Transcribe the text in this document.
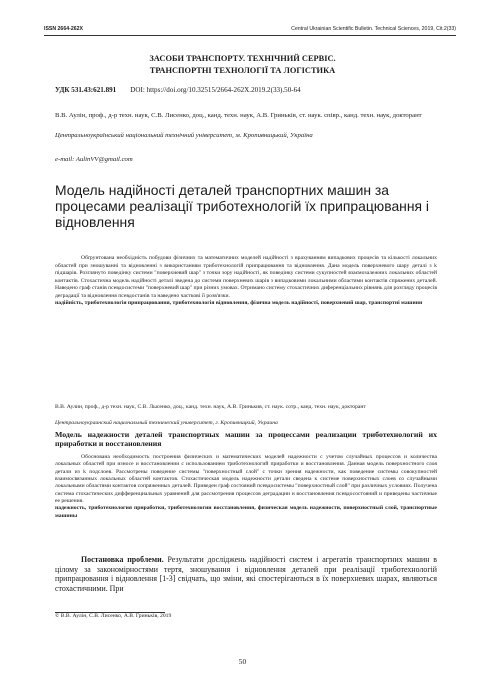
ISSN 2664-262X	Central Ukrainian Scientific Bulletin. Technical Sciences, 2019, Cit.2(33)
ЗАСОБИ ТРАНСПОРТУ. ТЕХНІЧНИЙ СЕРВІС.
ТРАНСПОРТНІ ТЕХНОЛОГІЇ ТА ЛОГІСТИКА
УДК 531.43:621.891 DOI: https://doi.org/10.32515/2664-262X.2019.2(33).50-64
В.В. Аулін, проф., д-р техн. наук, С.В. Лисенко, доц., канд. техн. наук, А.В. Гриньків, ст. наук. співр., канд. техн. наук, докторант
Центральноукраїнський національний технічний університет, м. Кропивницький, Україна
e-mail: AulinVV@gmail.com
Модель надійності деталей транспортних машин за процесами реалізації триботехнологій їх припрацювання і відновлення

Обґрунтована необхідність побудови фізичних та математичних моделей надійності з врахуванням випадкових процесів та кількості локальних областей при зношуванні та відновленні з використанням триботехнологій припрацювання та відновлення. Дана модель поверхневого шару деталі з k підшарів. Розглянуто поведінку системи "поверхневий шар" з точки зору надійності, як поведінку системи сукупностей взаємозалежних локальних областей контактів. Стохастична модель надійності деталі зведена до системи поверхневих шарів з випадковими локальними областями контактів спряжених деталей. Наведено граф станів псевдосистеми "поверхневий шар" при різних умовах. Отримано систему стохастичних диференціальних рівнянь для розгляду процесів деградації та відновлення псевдостанів та наведено часткові її розв'язки.

надійність, триботехнологія припрацювання, триботехнологія відновлення, фізична модель надійності, поверхневий шар, транспортні машини

В.В. Аулин, проф., д-р техн. наук, С.В. Лысенко, доц., канд. техн. наук, А.В. Гринькив, ст. наук. сотр., канд. техн. наук, докторант
Центральноукраинский национальный технический университет, г. Кропивницкий, Украина
Модель надежности деталей транспортных машин за процессами реализации триботехнологий их приработки и восстановления

Обоснована необходимость построения физических и математических моделей надежности с учетом случайных процессов и количества локальных областей при износе и восстановлении с использованием триботехнологий приработки и восстановления. Данная модель поверхностного слоя детали из k подслоев. Рассмотрены поведение системы "поверхностный слой" с точки зрения надежности, как поведение системы совокупностей взаимосвязанных локальных областей контактов. Стохастическая модель надежности детали сведена к системе поверхностных слоев со случайными локальными областями контактов сопряженных деталей. Приведен граф состояний псевдосистемы "поверхностный слой" при различных условиях. Получена система стохастических дифференциальных уравнений для рассмотрения процессов деградации и восстановления псевдосостояний и приведены частичные ее решения.

надежность, триботехнология приработки, триботехнологии восстановления, физическая модель надежности, поверхностный слой, транспортные машины

Постановка проблеми. Результати досліджень надійності систем і агрегатів транспортних машин в цілому за закономірностями тертя, зношування і відновлення деталей при реалізації триботехнологій припрацювання і відновлення [1-3] свідчать, що зміни, які спостерігаються в їх поверхневих шарах, являються стохастичними. При

© В.В. Аулін, С.В. Лисенко, А.В. Гриньків, 2019
50
